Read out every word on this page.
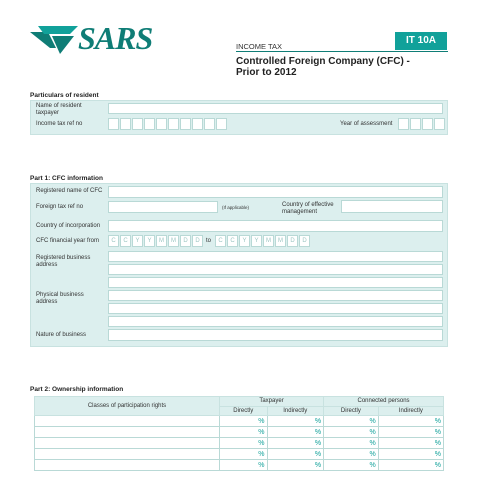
SARS	IT 10A
INCOME TAX
Controlled Foreign Company (CFC) -
Prior to 2012
Particulars of resident
Name of resident taxpayer
Income tax ref no	Year of assessment
Part 1: CFC information
Registered name of CFC
Foreign tax ref no	(If applicable)	Country of effective management
Country of incorporation
CFC financial year from	C	C	Y	Y	M	M	D	D	to	C	C	Y	Y	M	M	D	D
Registered business address
Physical business address
Nature of business
Part 2: Ownership information
Classes of participation rights	Taxpayer		Connected persons	
	Directly	Indirectly	Directly	Indirectly
	%	%	%	%
	%	%	%	%
	%	%	%	%
	%	%	%	%
	%	%	%	%
